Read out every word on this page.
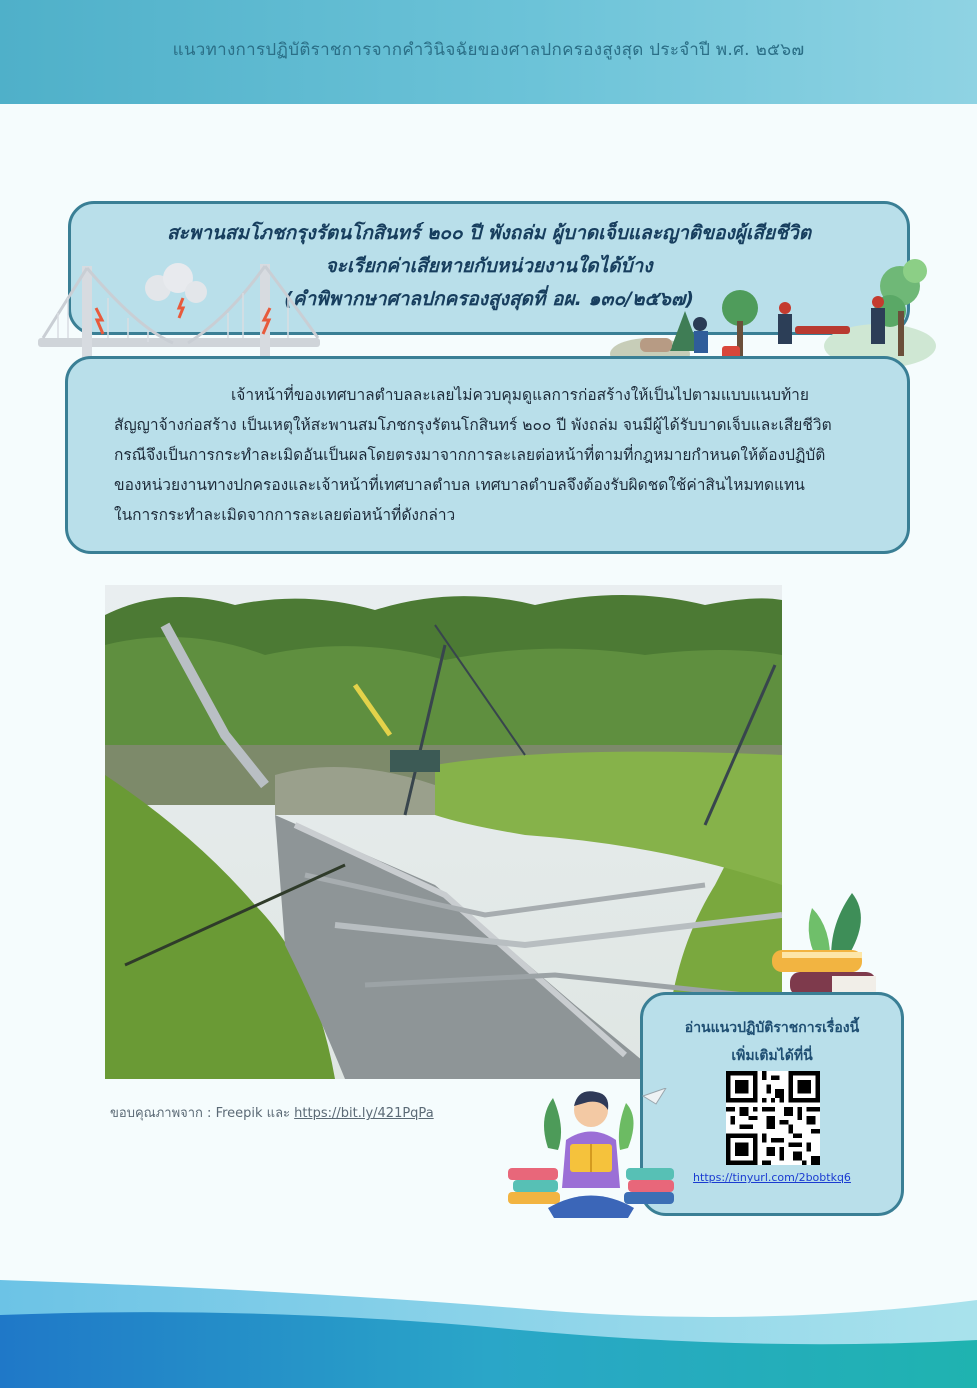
แนวทางการปฏิบัติราชการจากคำวินิจฉัยของศาลปกครองสูงสุด ประจำปี พ.ศ. ๒๕๖๗
สะพานสมโภชกรุงรัตนโกสินทร์ ๒๐๐ ปี พังถล่ม ผู้บาดเจ็บและญาติของผู้เสียชีวิต
จะเรียกค่าเสียหายกับหน่วยงานใดได้บ้าง
(คำพิพากษาศาลปกครองสูงสุดที่ อผ. ๑๓๐/๒๕๖๗)
เจ้าหน้าที่ของเทศบาลตำบลละเลยไม่ควบคุมดูแลการก่อสร้างให้เป็นไปตามแบบแนบท้าย
สัญญาจ้างก่อสร้าง เป็นเหตุให้สะพานสมโภชกรุงรัตนโกสินทร์ ๒๐๐ ปี พังถล่ม จนมีผู้ได้รับบาดเจ็บและเสียชีวิต
กรณีจึงเป็นการกระทำละเมิดอันเป็นผลโดยตรงมาจากการละเลยต่อหน้าที่ตามที่กฎหมายกำหนดให้ต้องปฏิบัติ
ของหน่วยงานทางปกครองและเจ้าหน้าที่เทศบาลตำบล เทศบาลตำบลจึงต้องรับผิดชดใช้ค่าสินไหมทดแทน
ในการกระทำละเมิดจากการละเลยต่อหน้าที่ดังกล่าว
ขอบคุณภาพจาก : Freepik และ https://bit.ly/421PqPa
อ่านแนวปฏิบัติราชการเรื่องนี้
เพิ่มเติมได้ที่นี่
https://tinyurl.com/2bobtkq6
